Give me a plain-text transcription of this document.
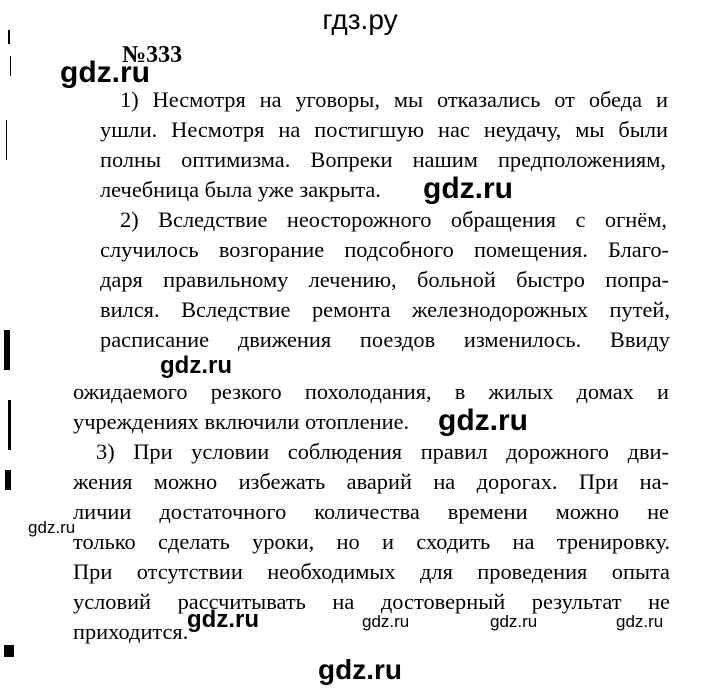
гдз.ру
№333
gdz.ru
1) Несмотря на уговоры, мы отказались от обеда и
ушли. Несмотря на постигшую нас неудачу, мы были
полны оптимизма. Вопреки нашим предположениям,
лечебница была уже закрыта. gdz.ru
2) Вследствие неосторожного обращения с огнём,
случилось возгорание подсобного помещения. Благо-
даря правильному лечению, больной быстро попра-
вился. Вследствие ремонта железнодорожных путей,
расписание движения поездов изменилось. Ввиду
gdz.ru
ожидаемого резкого похолодания, в жилых домах и
учреждениях включили отопление. gdz.ru
3) При условии соблюдения правил дорожного дви-
жения можно избежать аварий на дорогах. При на-
личии достаточного количества времени можно не
gdz.ru
только сделать уроки, но и сходить на тренировку.
При отсутствии необходимых для проведения опыта
условий рассчитывать на достоверный результат не
приходится.
gdz.ru	gdz.ru	gdz.ru	gdz.ru
gdz.ru
